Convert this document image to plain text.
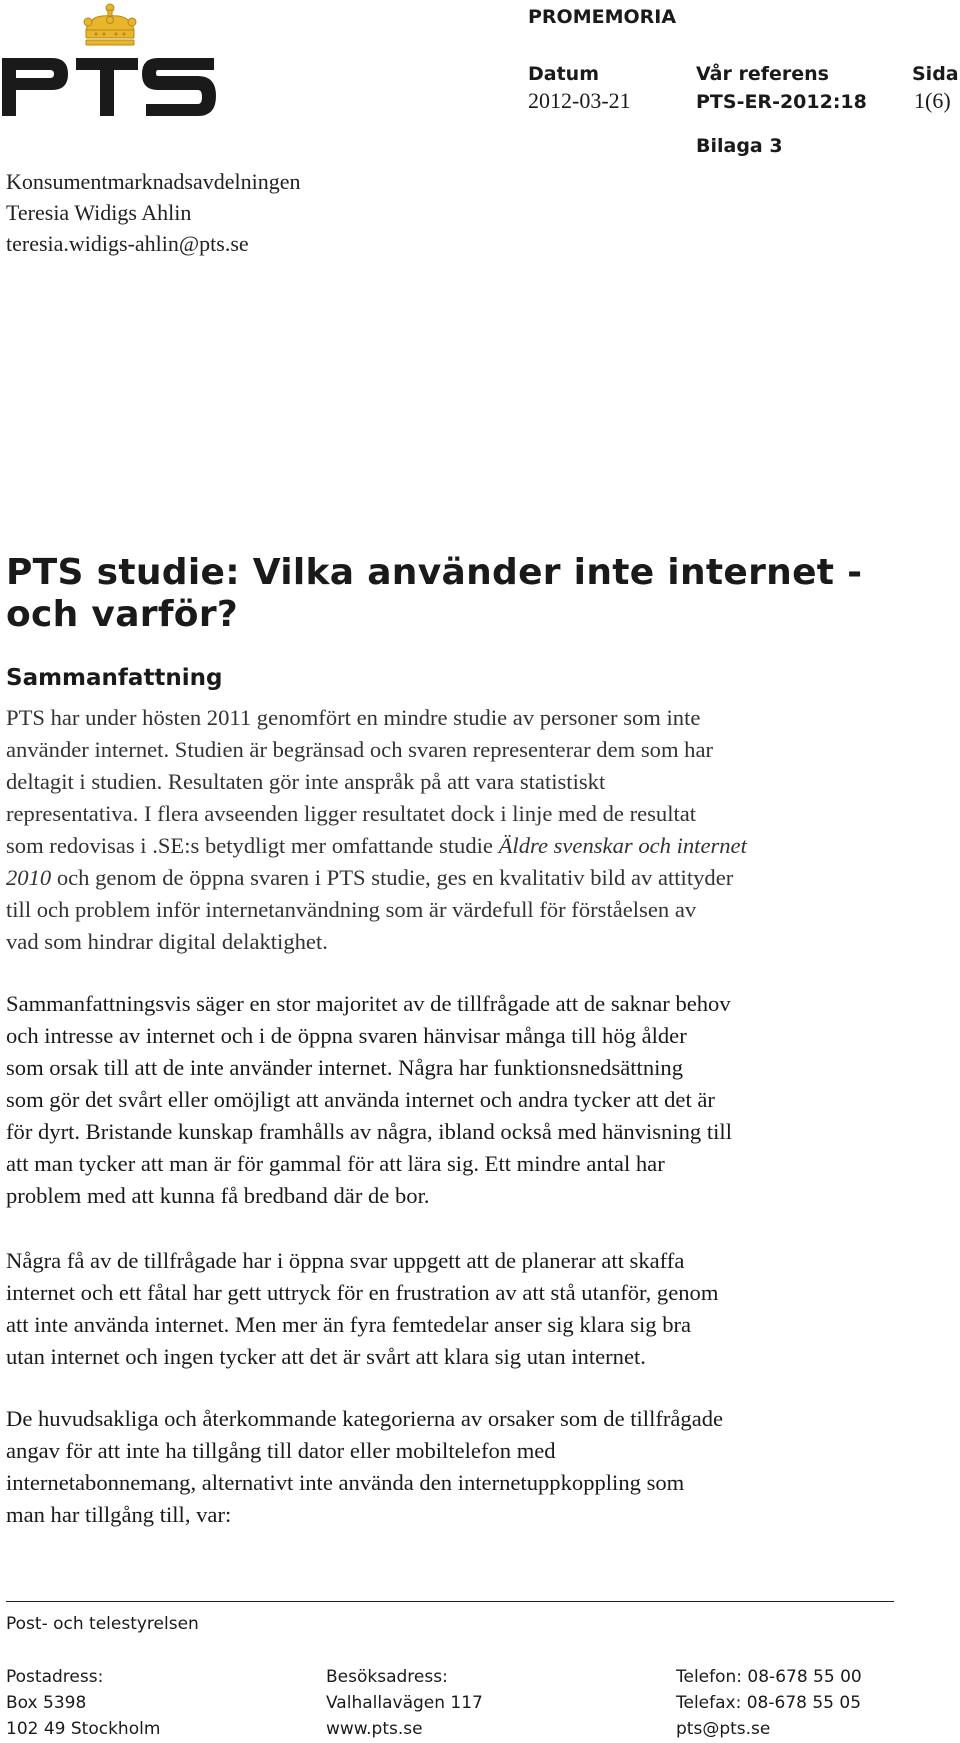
PROMEMORIA
Datum
2012-03-21
Vår referens
PTS-ER-2012:18
Sida
1(6)
Bilaga 3
Konsumentmarknadsavdelningen
Teresia Widigs Ahlin
teresia.widigs-ahlin@pts.se
PTS studie: Vilka använder inte internet -
och varför?
Sammanfattning
PTS har under hösten 2011 genomfört en mindre studie av personer som inte
använder internet. Studien är begränsad och svaren representerar dem som har
deltagit i studien. Resultaten gör inte anspråk på att vara statistiskt
representativa. I flera avseenden ligger resultatet dock i linje med de resultat
som redovisas i .SE:s betydligt mer omfattande studie Äldre svenskar och internet
2010 och genom de öppna svaren i PTS studie, ges en kvalitativ bild av attityder
till och problem inför internetanvändning som är värdefull för förståelsen av
vad som hindrar digital delaktighet.
Sammanfattningsvis säger en stor majoritet av de tillfrågade att de saknar behov
och intresse av internet och i de öppna svaren hänvisar många till hög ålder
som orsak till att de inte använder internet. Några har funktionsnedsättning
som gör det svårt eller omöjligt att använda internet och andra tycker att det är
för dyrt. Bristande kunskap framhålls av några, ibland också med hänvisning till
att man tycker att man är för gammal för att lära sig. Ett mindre antal har
problem med att kunna få bredband där de bor.
Några få av de tillfrågade har i öppna svar uppgett att de planerar att skaffa
internet och ett fåtal har gett uttryck för en frustration av att stå utanför, genom
att inte använda internet. Men mer än fyra femtedelar anser sig klara sig bra
utan internet och ingen tycker att det är svårt att klara sig utan internet.
De huvudsakliga och återkommande kategorierna av orsaker som de tillfrågade
angav för att inte ha tillgång till dator eller mobiltelefon med
internetabonnemang, alternativt inte använda den internetuppkoppling som
man har tillgång till, var:
Post- och telestyrelsen
Postadress:
Box 5398
102 49 Stockholm
Besöksadress:
Valhallavägen 117
www.pts.se
Telefon: 08-678 55 00
Telefax: 08-678 55 05
pts@pts.se
